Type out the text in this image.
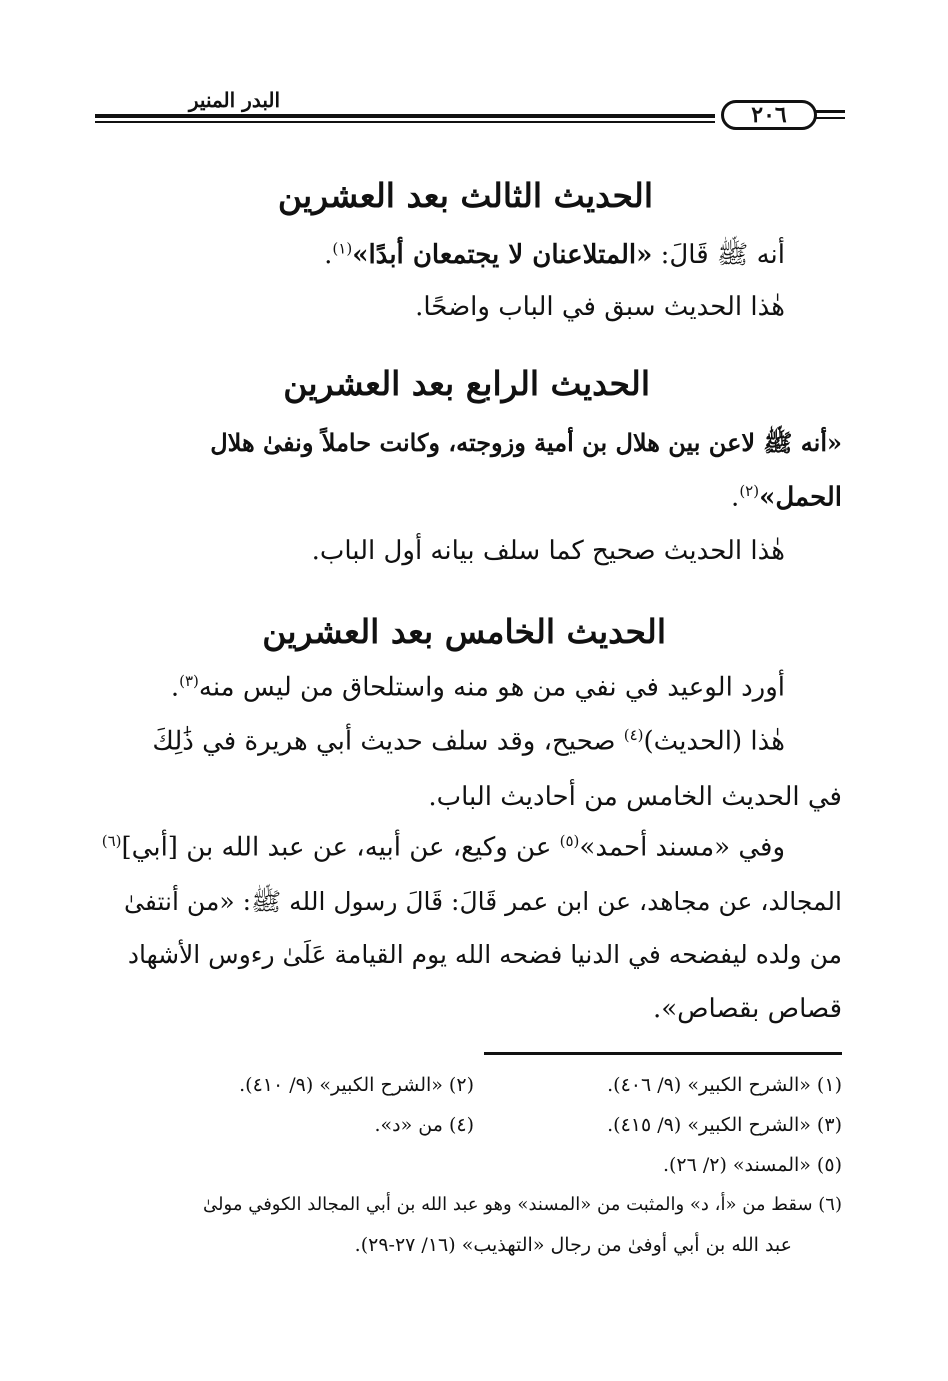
البدر المنير
٢٠٦
الحديث الثالث بعد العشرين
أنه ﷺ قَالَ: «المتلاعنان لا يجتمعان أبدًا»$^{(١)}$.
هٰذا الحديث سبق في الباب واضحًا.
الحديث الرابع بعد العشرين
«أنه ﷺ لاعن بين هلال بن أمية وزوجته، وكانت حاملاً ونفىٰ هلال
الحمل»$^{(٢)}$.
هٰذا الحديث صحيح كما سلف بيانه أول الباب.
الحديث الخامس بعد العشرين
أورد الوعيد في نفي من هو منه واستلحاق من ليس منه$^{(٣)}$.
هٰذا (الحديث)$^{(٤)}$ صحيح، وقد سلف حديث أبي هريرة في ذَٰلِكَ
في الحديث الخامس من أحاديث الباب.
وفي «مسند أحمد»$^{(٥)}$ عن وكيع، عن أبيه، عن عبد الله بن [أبي]$^{(٦)}$
المجالد، عن مجاهد، عن ابن عمر قَالَ: قَالَ رسول الله ﷺ: «من أنتفىٰ
من ولده ليفضحه في الدنيا فضحه الله يوم القيامة عَلَىٰ رءوس الأشهاد
قصاص بقصاص».
(١) «الشرح الكبير» (٩/ ٤٠٦).
(٢) «الشرح الكبير» (٩/ ٤١٠).
(٣) «الشرح الكبير» (٩/ ٤١٥).
(٤) من «د».
(٥) «المسند» (٢/ ٢٦).
(٦) سقط من «أ، د» والمثبت من «المسند» وهو عبد الله بن أبي المجالد الكوفي مولىٰ
عبد الله بن أبي أوفىٰ من رجال «التهذيب» (١٦/ ٢٧-٢٩).
